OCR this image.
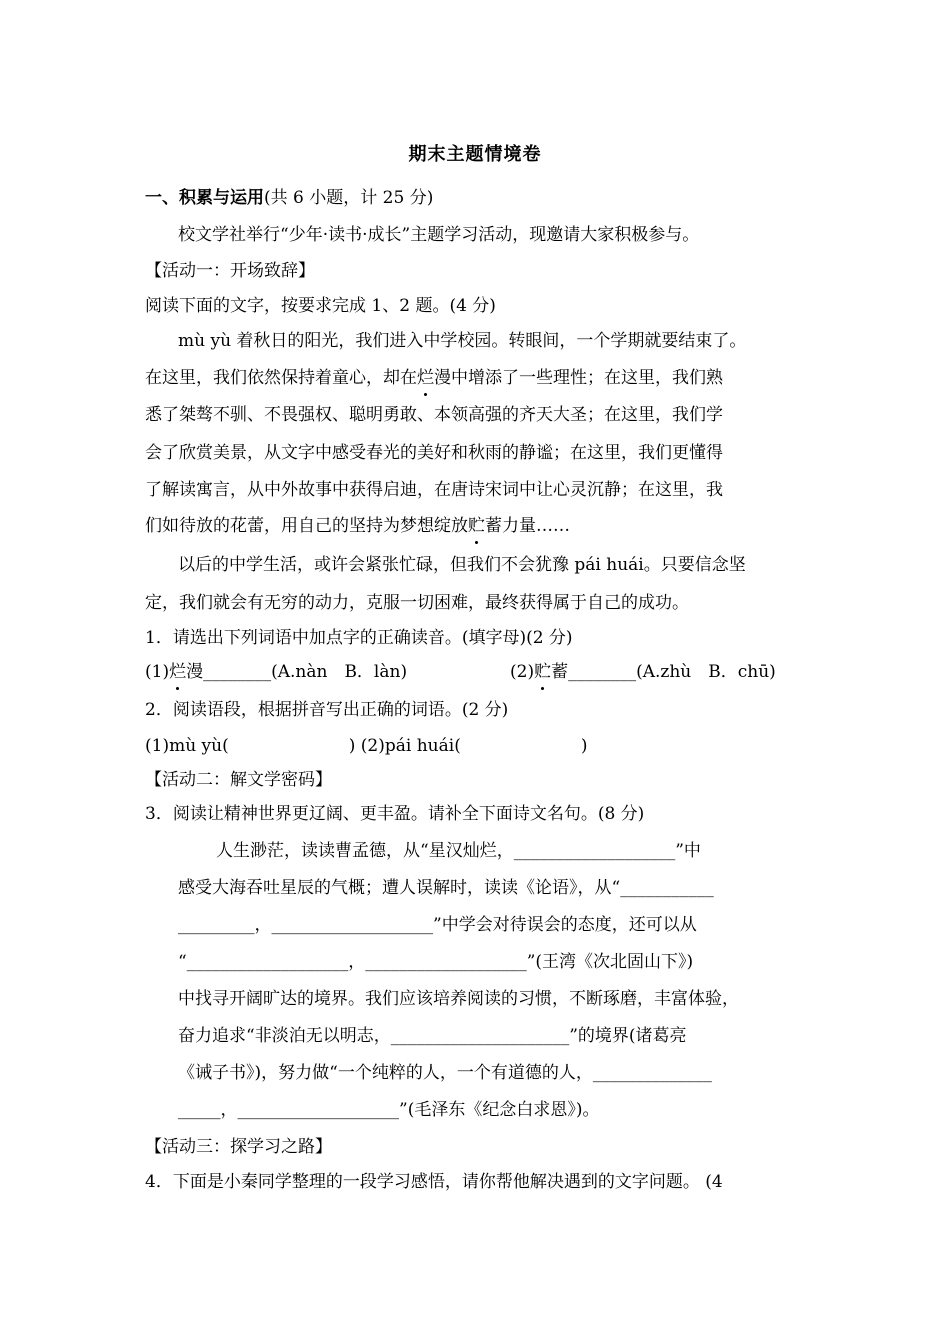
期末主题情境卷
一、积累与运用(共 6 小题，计 25 分)
校文学社举行“少年·读书·成长”主题学习活动，现邀请大家积极参与。
【活动一：开场致辞】
阅读下面的文字，按要求完成 1、2 题。(4 分)
mù yù 着秋日的阳光，我们进入中学校园。转眼间，一个学期就要结束了。
在这里，我们依然保持着童心，却在烂漫中增添了一些理性；在这里，我们熟
悉了桀骜不驯、不畏强权、聪明勇敢、本领高强的齐天大圣；在这里，我们学
会了欣赏美景，从文字中感受春光的美好和秋雨的静谧；在这里，我们更懂得
了解读寓言，从中外故事中获得启迪，在唐诗宋词中让心灵沉静；在这里，我
们如待放的花蕾，用自己的坚持为梦想绽放贮蓄力量……
以后的中学生活，或许会紧张忙碌，但我们不会犹豫 pái huái。只要信念坚
定，我们就会有无穷的动力，克服一切困难，最终获得属于自己的成功。
1．请选出下列词语中加点字的正确读音。(填字母)(2 分)
(1)烂漫________(A.nàn　B．làn)	(2)贮蓄________(A.zhù　B．chū)
2．阅读语段，根据拼音写出正确的词语。(2 分)
(1)mù yù(	) (2)pái huái(	)
【活动二：解文学密码】
3．阅读让精神世界更辽阔、更丰盈。请补全下面诗文名句。(8 分)
人生渺茫，读读曹孟德，从“星汉灿烂，___________________”中
感受大海吞吐星辰的气概；遭人误解时，读读《论语》，从“___________
_________，___________________”中学会对待误会的态度，还可以从
“___________________，___________________”(王湾《次北固山下》)
中找寻开阔旷达的境界。我们应该培养阅读的习惯，不断琢磨，丰富体验，
奋力追求“非淡泊无以明志，_____________________”的境界(诸葛亮
《诫子书》)，努力做“一个纯粹的人，一个有道德的人，______________
_____，___________________”(毛泽东《纪念白求恩》)。
【活动三：探学习之路】
4．下面是小秦同学整理的一段学习感悟，请你帮他解决遇到的文字问题。 (4
